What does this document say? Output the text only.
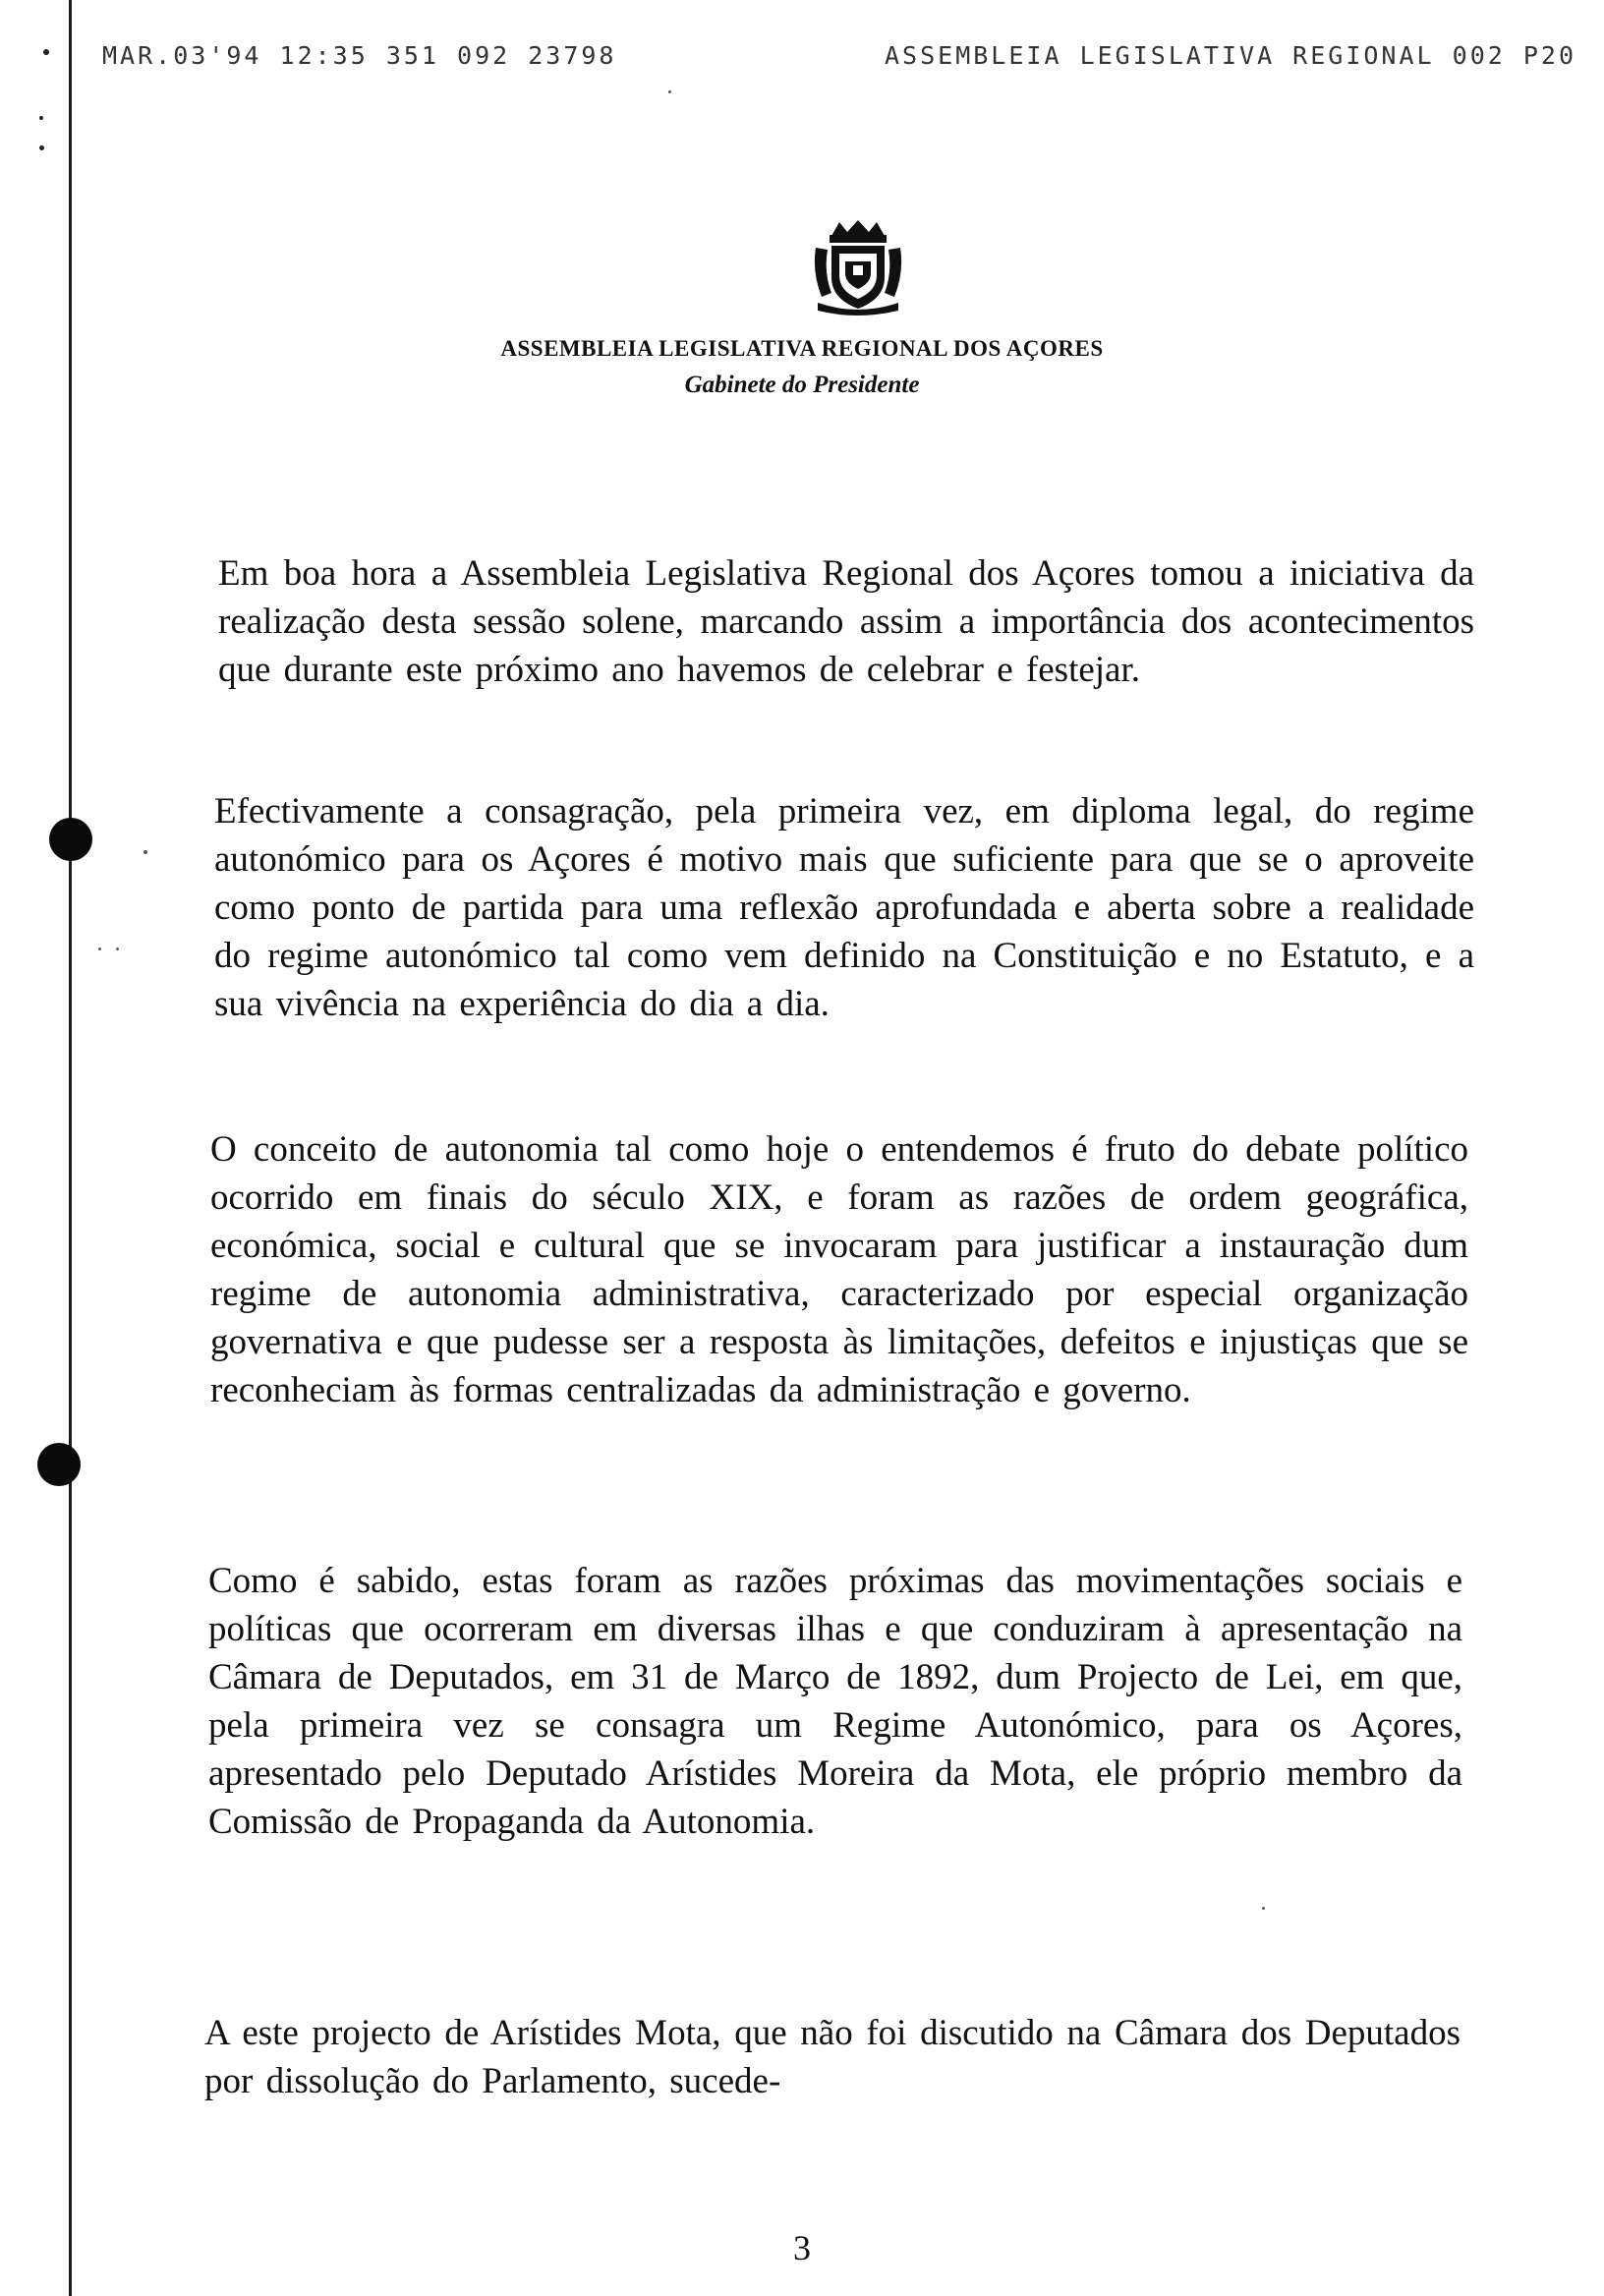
MAR.03'94 12:35 351 092 23798	ASSEMBLEIA LEGISLATIVA REGIONAL 002 P20
ASSEMBLEIA LEGISLATIVA REGIONAL DOS AÇORES
Gabinete do Presidente

Em boa hora a Assembleia Legislativa Regional dos Açores tomou a iniciativa da realização desta sessão solene, marcando assim a importância dos acontecimentos que durante este próximo ano havemos de celebrar e festejar.

Efectivamente a consagração, pela primeira vez, em diploma legal, do regime autonómico para os Açores é motivo mais que suficiente para que se o aproveite como ponto de partida para uma reflexão aprofundada e aberta sobre a realidade do regime autonómico tal como vem definido na Constituição e no Estatuto, e a sua vivência na experiência do dia a dia.

O conceito de autonomia tal como hoje o entendemos é fruto do debate político ocorrido em finais do século XIX, e foram as razões de ordem geográfica, económica, social e cultural que se invocaram para justificar a instauração dum regime de autonomia administrativa, caracterizado por especial organização governativa e que pudesse ser a resposta às limitações, defeitos e injustiças que se reconheciam às formas centralizadas da administração e governo.

Como é sabido, estas foram as razões próximas das movimentações sociais e políticas que ocorreram em diversas ilhas e que conduziram à apresentação na Câmara de Deputados, em 31 de Março de 1892, dum Projecto de Lei, em que, pela primeira vez se consagra um Regime Autonómico, para os Açores, apresentado pelo Deputado Arístides Moreira da Mota, ele próprio membro da Comissão de Propaganda da Autonomia.

A este projecto de Arístides Mota, que não foi discutido na Câmara dos Deputados por dissolução do Parlamento, sucede-

3
